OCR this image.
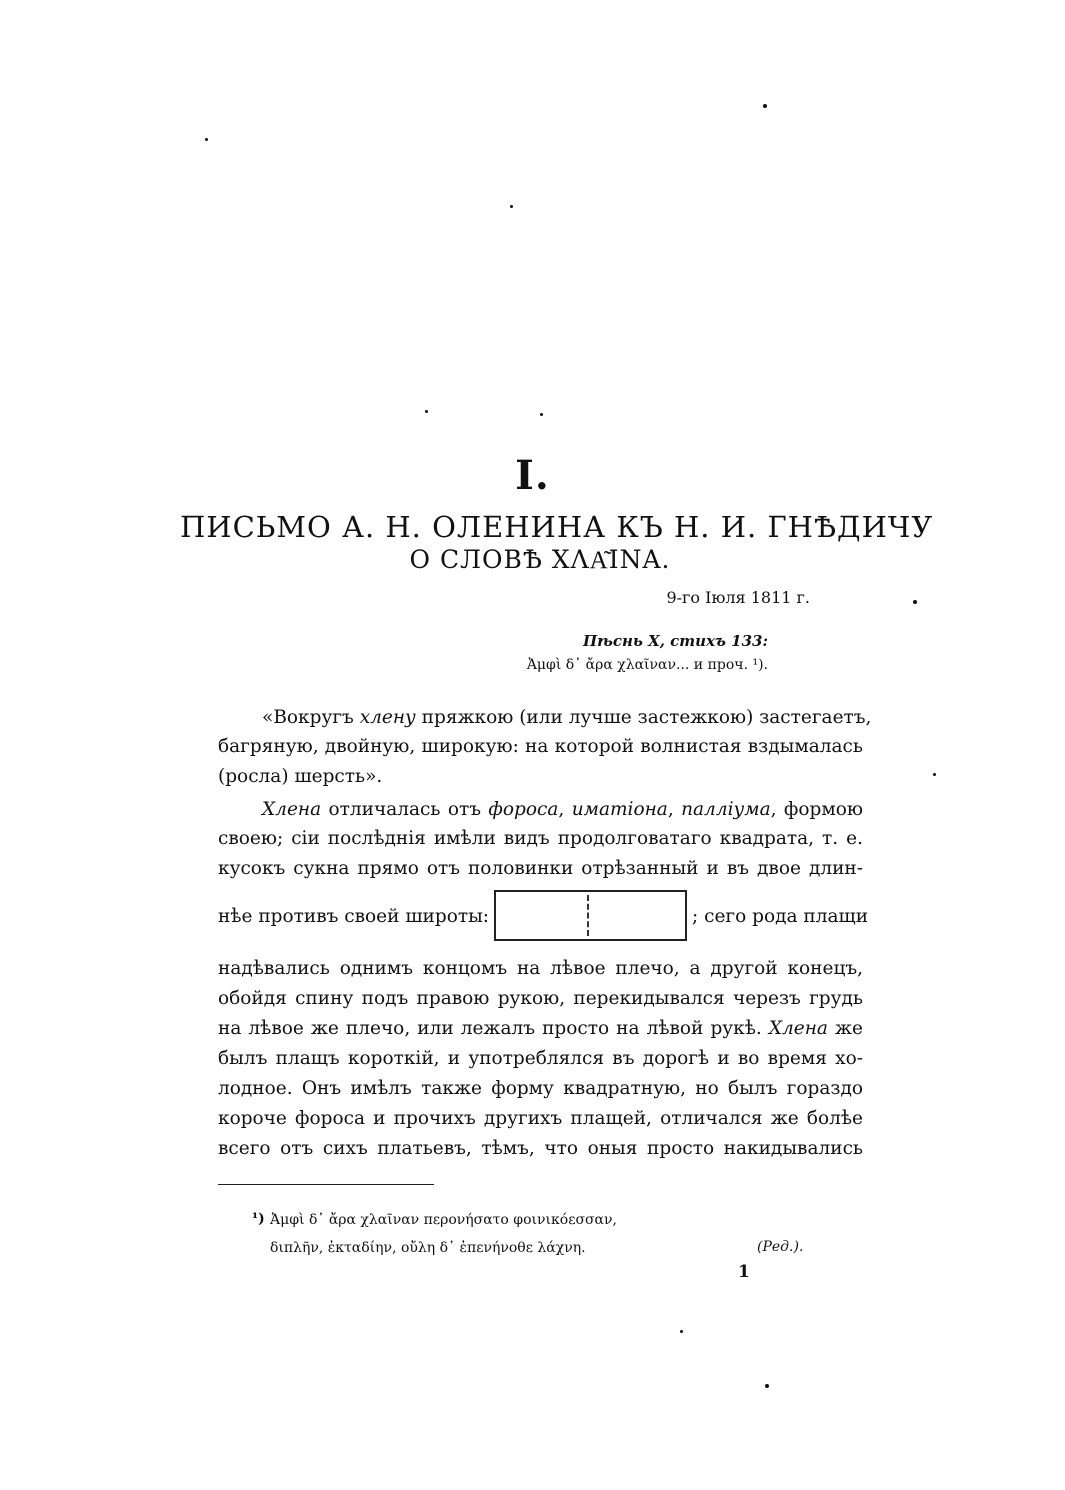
I.
ПИСЬМО А. Н. ОЛЕНИНА КЪ Н. И. ГНѢДИЧУ
О СЛОВѢ ΧΛΑ͂ΙΝΑ.
9-го Іюля 1811 г.
Пѣснь X, стихъ 133:
Ἀμφὶ δ᾿ ἄρα χλαῖναν... и проч. ¹).
«Вокругъ хлену пряжкою (или лучше застежкою) застегаетъ,
багряную, двойную, широкую: на которой волнистая вздымалась
(росла) шерсть».
Хлена отличалась отъ фороса, иматіона, палліума, формою
своею; сіи послѣднія имѣли видъ продолговатаго квадрата, т. е.
кусокъ сукна прямо отъ половинки отрѣзанный и въ двое длин-
нѣе противъ своей широты:	; сего рода плащи
надѣвались однимъ концомъ на лѣвое плечо, а другой конецъ,
обойдя спину подъ правою рукою, перекидывался черезъ грудь
на лѣвое же плечо, или лежалъ просто на лѣвой рукѣ. Хлена же
былъ плащъ короткій, и употреблялся въ дорогѣ и во время хо-
лодное. Онъ имѣлъ также форму квадратную, но былъ гораздо
короче фороса и прочихъ другихъ плащей, отличался же болѣе
всего отъ сихъ платьевъ, тѣмъ, что оныя просто накидывались
¹) Ἀμφὶ δ᾿ ἄρα χλαῖναν περονήσατο φοινικόεσσαν,
διπλῆν, ἐκταδίην, οὔλη δ᾿ ἐπενήνοθε λάχνη.	(Ред.).
1
